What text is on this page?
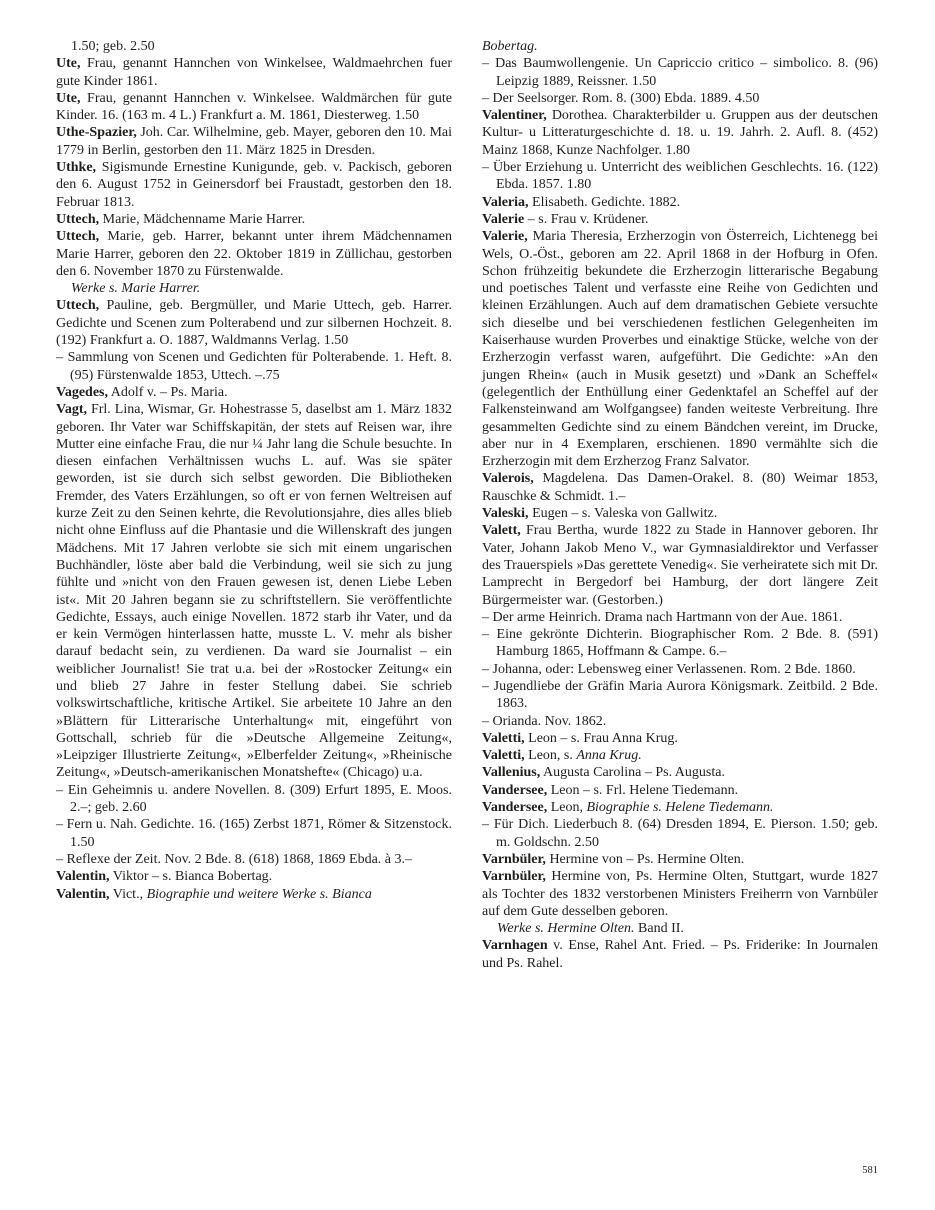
1.50; geb. 2.50

Ute, Frau, genannt Hannchen von Winkelsee, Waldmaehrchen fuer gute Kinder 1861.

Ute, Frau, genannt Hannchen v. Winkelsee. Waldmärchen für gute Kinder. 16. (163 m. 4 L.) Frankfurt a. M. 1861, Diesterweg. 1.50

Uthe-Spazier, Joh. Car. Wilhelmine, geb. Mayer, geboren den 10. Mai 1779 in Berlin, gestorben den 11. März 1825 in Dresden.

Uthke, Sigismunde Ernestine Kunigunde, geb. v. Packisch, geboren den 6. August 1752 in Geinersdorf bei Fraustadt, gestorben den 18. Februar 1813.

Uttech, Marie, Mädchenname Marie Harrer.

Uttech, Marie, geb. Harrer, bekannt unter ihrem Mädchennamen Marie Harrer, geboren den 22. Oktober 1819 in Züllichau, gestorben den 6. November 1870 zu Fürstenwalde.

Werke s. Marie Harrer.

Uttech, Pauline, geb. Bergmüller, und Marie Uttech, geb. Harrer. Gedichte und Scenen zum Polterabend und zur silbernen Hochzeit. 8. (192) Frankfurt a. O. 1887, Waldmanns Verlag. 1.50

– Sammlung von Scenen und Gedichten für Polterabende. 1. Heft. 8. (95) Fürstenwalde 1853, Uttech. –.75

Vagedes, Adolf v. – Ps. Maria.

Vagt, Frl. Lina, Wismar, Gr. Hohestrasse 5, daselbst am 1. März 1832 geboren. Ihr Vater war Schiffskapitän, der stets auf Reisen war, ihre Mutter eine einfache Frau, die nur ¼ Jahr lang die Schule besuchte. In diesen einfachen Verhältnissen wuchs L. auf. Was sie später geworden, ist sie durch sich selbst geworden. Die Bibliotheken Fremder, des Vaters Erzählungen, so oft er von fernen Weltreisen auf kurze Zeit zu den Seinen kehrte, die Revolutionsjahre, dies alles blieb nicht ohne Einfluss auf die Phantasie und die Willenskraft des jungen Mädchens. Mit 17 Jahren verlobte sie sich mit einem ungarischen Buchhändler, löste aber bald die Verbindung, weil sie sich zu jung fühlte und »nicht von den Frauen gewesen ist, denen Liebe Leben ist«. Mit 20 Jahren begann sie zu schriftstellern. Sie veröffentlichte Gedichte, Essays, auch einige Novellen. 1872 starb ihr Vater, und da er kein Vermögen hinterlassen hatte, musste L. V. mehr als bisher darauf bedacht sein, zu verdienen. Da ward sie Journalist – ein weiblicher Journalist! Sie trat u.a. bei der »Rostocker Zeitung« ein und blieb 27 Jahre in fester Stellung dabei. Sie schrieb volkswirtschaftliche, kritische Artikel. Sie arbeitete 10 Jahre an den »Blättern für Litterarische Unterhaltung« mit, eingeführt von Gottschall, schrieb für die »Deutsche Allgemeine Zeitung«, »Leipziger Illustrierte Zeitung«, »Elberfelder Zeitung«, »Rheinische Zeitung«, »Deutsch-amerikanischen Monatshefte« (Chicago) u.a.

– Ein Geheimnis u. andere Novellen. 8. (309) Erfurt 1895, E. Moos. 2.–; geb. 2.60

– Fern u. Nah. Gedichte. 16. (165) Zerbst 1871, Römer & Sitzenstock. 1.50

– Reflexe der Zeit. Nov. 2 Bde. 8. (618) 1868, 1869 Ebda. à 3.–

Valentin, Viktor – s. Bianca Bobertag.

Valentin, Vict., Biographie und weitere Werke s. Bianca

Bobertag.

– Das Baumwollengenie. Un Capriccio critico – simbolico. 8. (96) Leipzig 1889, Reissner. 1.50

– Der Seelsorger. Rom. 8. (300) Ebda. 1889. 4.50

Valentiner, Dorothea. Charakterbilder u. Gruppen aus der deutschen Kultur- u Litteraturgeschichte d. 18. u. 19. Jahrh. 2. Aufl. 8. (452) Mainz 1868, Kunze Nachfolger. 1.80

– Über Erziehung u. Unterricht des weiblichen Geschlechts. 16. (122) Ebda. 1857. 1.80

Valeria, Elisabeth. Gedichte. 1882.

Valerie – s. Frau v. Krüdener.

Valerie, Maria Theresia, Erzherzogin von Österreich, Lichtenegg bei Wels, O.-Öst., geboren am 22. April 1868 in der Hofburg in Ofen. Schon frühzeitig bekundete die Erzherzogin litterarische Begabung und poetisches Talent und verfasste eine Reihe von Gedichten und kleinen Erzählungen. Auch auf dem dramatischen Gebiete versuchte sich dieselbe und bei verschiedenen festlichen Gelegenheiten im Kaiserhause wurden Proverbes und einaktige Stücke, welche von der Erzherzogin verfasst waren, aufgeführt. Die Gedichte: »An den jungen Rhein« (auch in Musik gesetzt) und »Dank an Scheffel« (gelegentlich der Enthüllung einer Gedenktafel an Scheffel auf der Falkensteinwand am Wolfgangsee) fanden weiteste Verbreitung. Ihre gesammelten Gedichte sind zu einem Bändchen vereint, im Drucke, aber nur in 4 Exemplaren, erschienen. 1890 vermählte sich die Erzherzogin mit dem Erzherzog Franz Salvator.

Valerois, Magdelena. Das Damen-Orakel. 8. (80) Weimar 1853, Rauschke & Schmidt. 1.–

Valeski, Eugen – s. Valeska von Gallwitz.

Valett, Frau Bertha, wurde 1822 zu Stade in Hannover geboren. Ihr Vater, Johann Jakob Meno V., war Gymnasialdirektor und Verfasser des Trauerspiels »Das gerettete Venedig«. Sie verheiratete sich mit Dr. Lamprecht in Bergedorf bei Hamburg, der dort längere Zeit Bürgermeister war. (Gestorben.)

– Der arme Heinrich. Drama nach Hartmann von der Aue. 1861.

– Eine gekrönte Dichterin. Biographischer Rom. 2 Bde. 8. (591) Hamburg 1865, Hoffmann & Campe. 6.–

– Johanna, oder: Lebensweg einer Verlassenen. Rom. 2 Bde. 1860.

– Jugendliebe der Gräfin Maria Aurora Königsmark. Zeitbild. 2 Bde. 1863.

– Orianda. Nov. 1862.

Valetti, Leon – s. Frau Anna Krug.

Valetti, Leon, s. Anna Krug.

Vallenius, Augusta Carolina – Ps. Augusta.

Vandersee, Leon – s. Frl. Helene Tiedemann.

Vandersee, Leon, Biographie s. Helene Tiedemann.

– Für Dich. Liederbuch 8. (64) Dresden 1894, E. Pierson. 1.50; geb. m. Goldschn. 2.50

Varnbüler, Hermine von – Ps. Hermine Olten.

Varnbüler, Hermine von, Ps. Hermine Olten, Stuttgart, wurde 1827 als Tochter des 1832 verstorbenen Ministers Freiherrn von Varnbüler auf dem Gute desselben geboren.

Werke s. Hermine Olten. Band II.

Varnhagen v. Ense, Rahel Ant. Fried. – Ps. Friderike: In Journalen und Ps. Rahel.

581
